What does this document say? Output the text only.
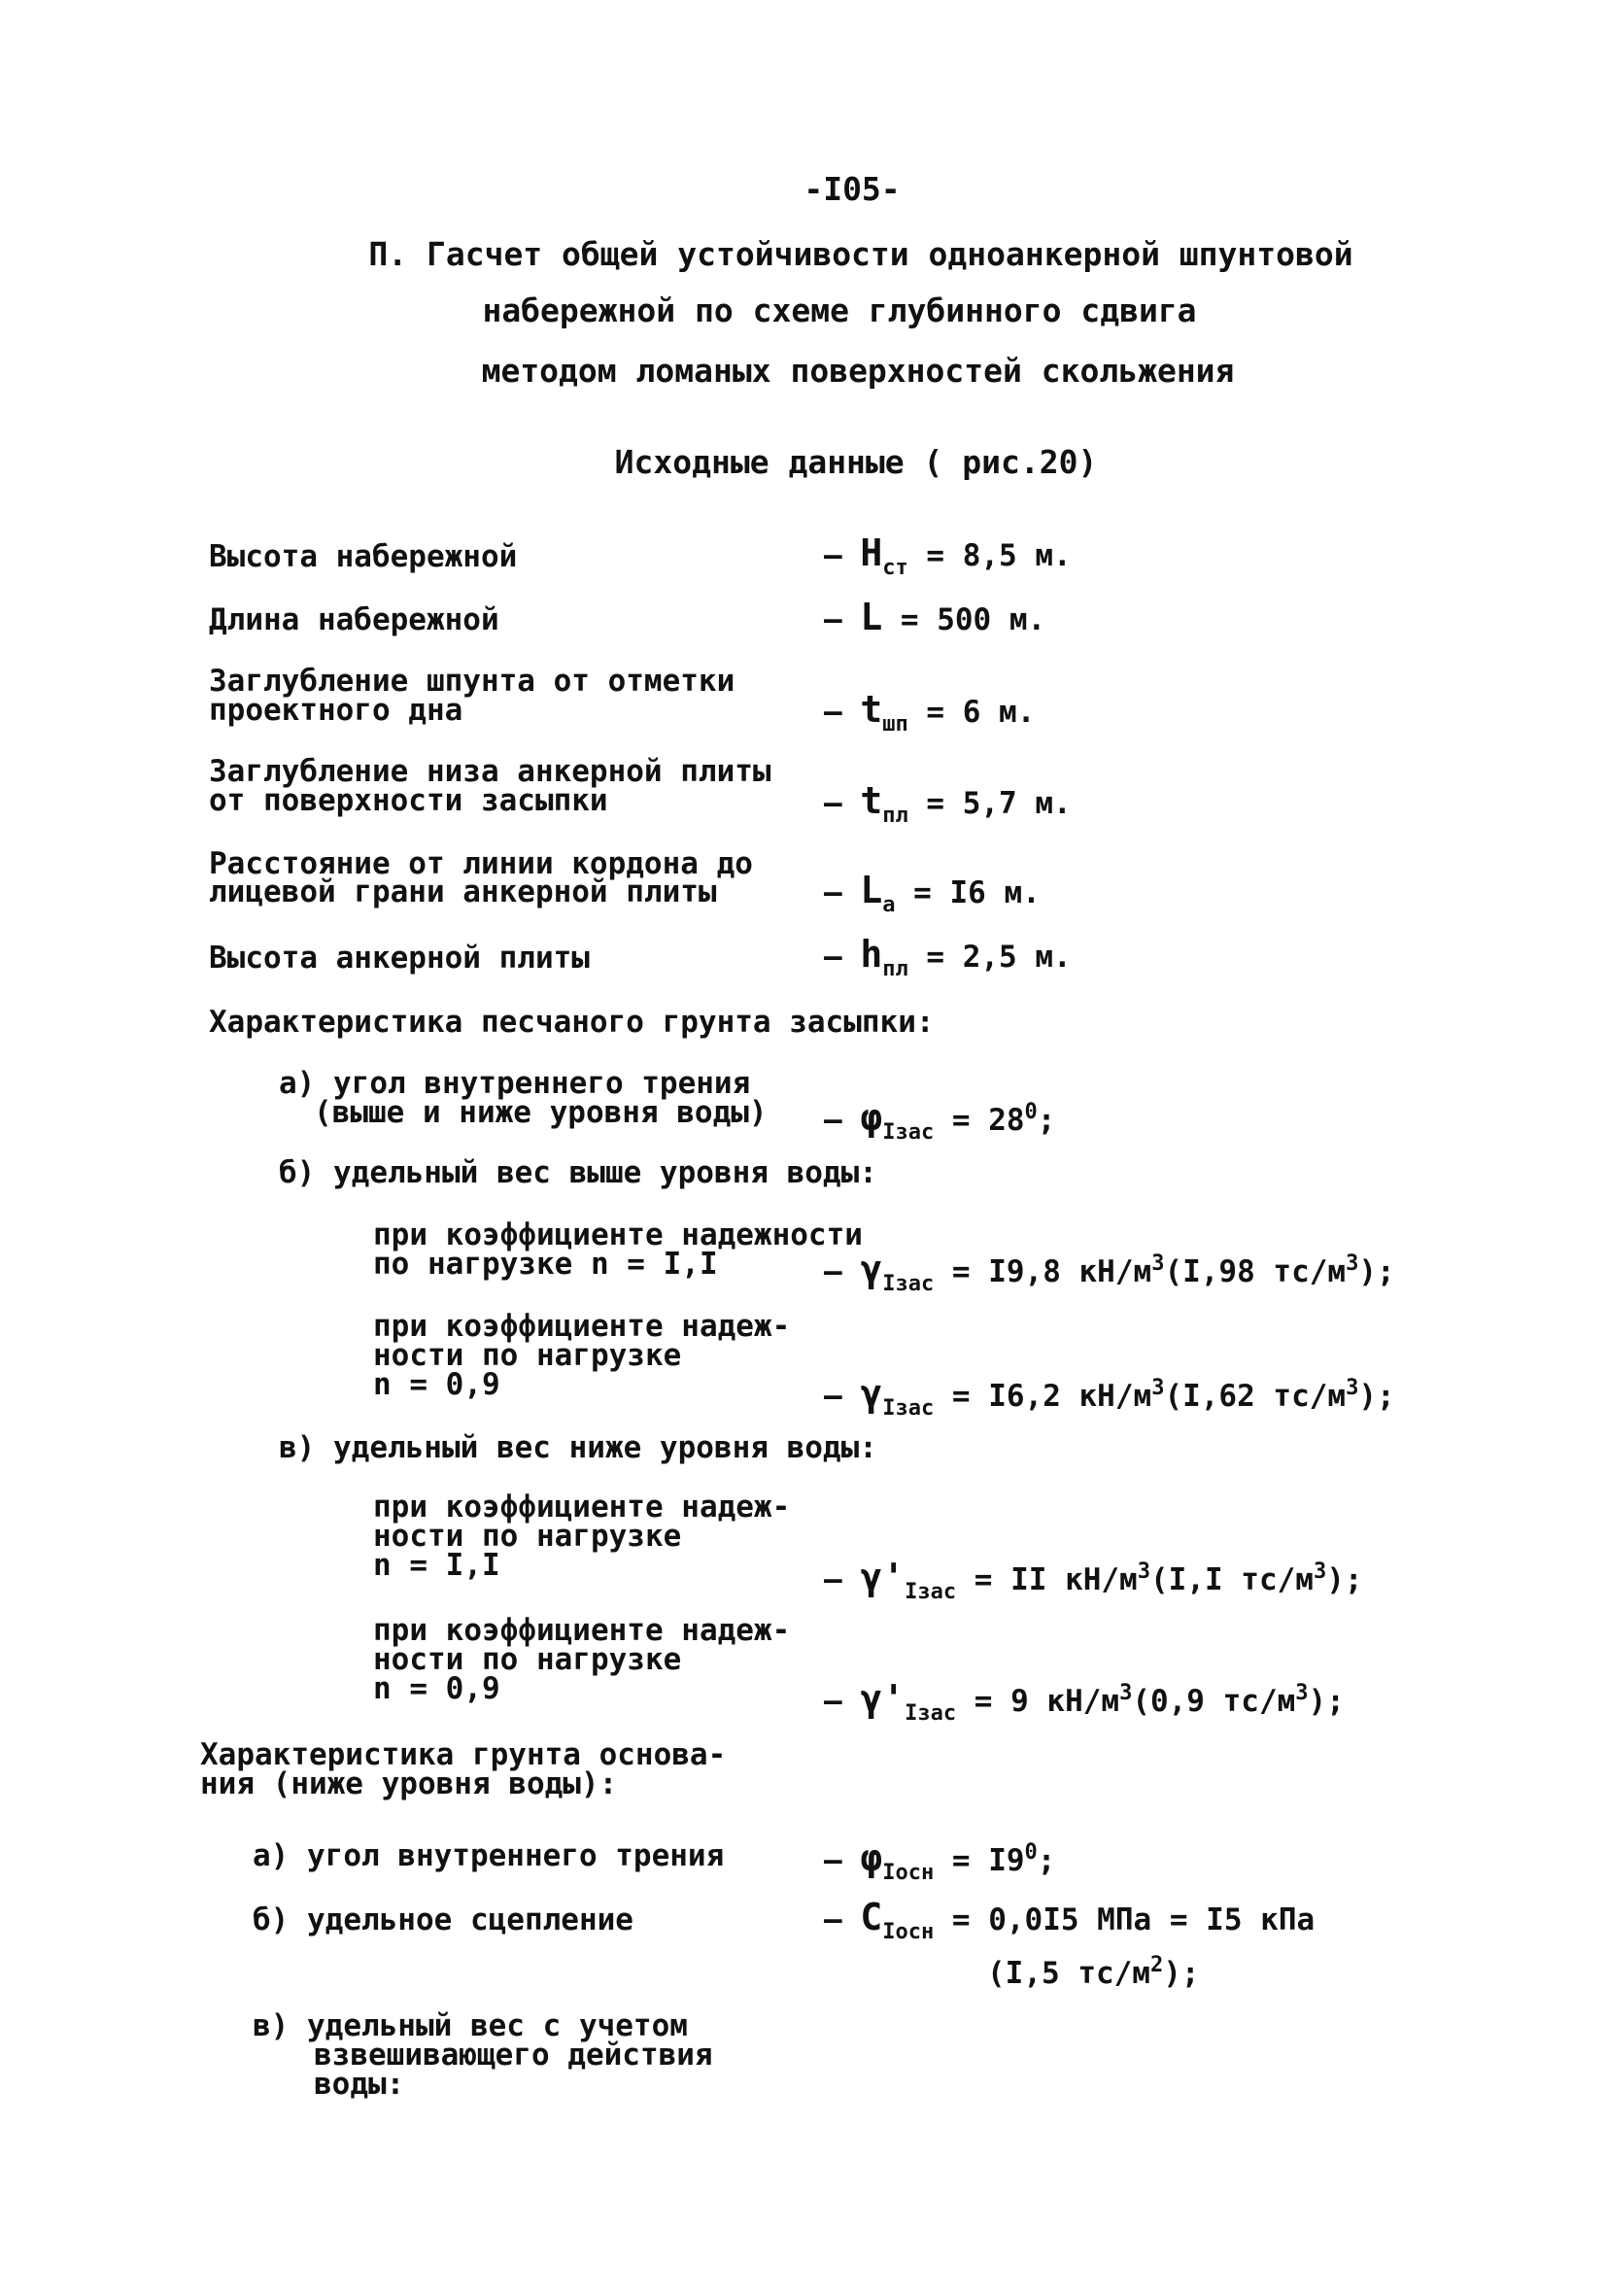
-I05-
П. Гасчет общей устойчивости одноанкерной шпунтовой
набережной по схеме глубинного сдвига
методом ломаных поверхностей скольжения
Исходные данные ( рис.20)
Высота набережной	– $H_{ст} = 8,5$ м.
Длина набережной	– L = 500 м.
Заглубление шпунта от отметки
проектного дна	– $t_{шп} = 6$ м.
Заглубление низа анкерной плиты
от поверхности засыпки	– $t_{пл} = 5,7$ м.
Расстояние от линии кордона до
лицевой грани анкерной плиты	– $L_a = I6$ м.
Высота анкерной плиты	– $h_{пл} = 2,5$ м.
Характеристика песчаного грунта засыпки:
а) угол внутреннего трения
(выше и ниже уровня воды) – $\varphi_{Iзас} = 28^0$;
б) удельный вес выше уровня воды:
при коэффициенте надежности
по нагрузке n = I,I	– $\gamma_{Iзас} = I9,8$ $кН/м^3(I,98$ $тс/м^3$);
при коэффициенте надеж-
ности по нагрузке
n = 0,9	– $\gamma_{Iзас} = I6,2$ $кН/м^3(I,62$ $тс/м^3$);
в) удельный вес ниже уровня воды:
при коэффициенте надеж-
ности по нагрузке
n = I,I	– $\gamma'_{Iзас}$ = II $кН/м^3(I,I$ $тс/м^3$);
при коэффициенте надеж-
ности по нагрузке
n = 0,9	– $\gamma'_{Iзас} = 9$ $кН/м^3(0,9$ $тс/м^3$);
Характеристика грунта основа-
ния (ниже уровня воды):
а) угол внутреннего трения	– $\varphi_{Iосн} = I9^0$;
б) удельное сцепление	– $C_{Iосн} = 0,0I5$ МПа = I5 кПа
(I,5 $тс/м^2$);
в) удельный вес с учетом
взвешивающего действия
воды:
